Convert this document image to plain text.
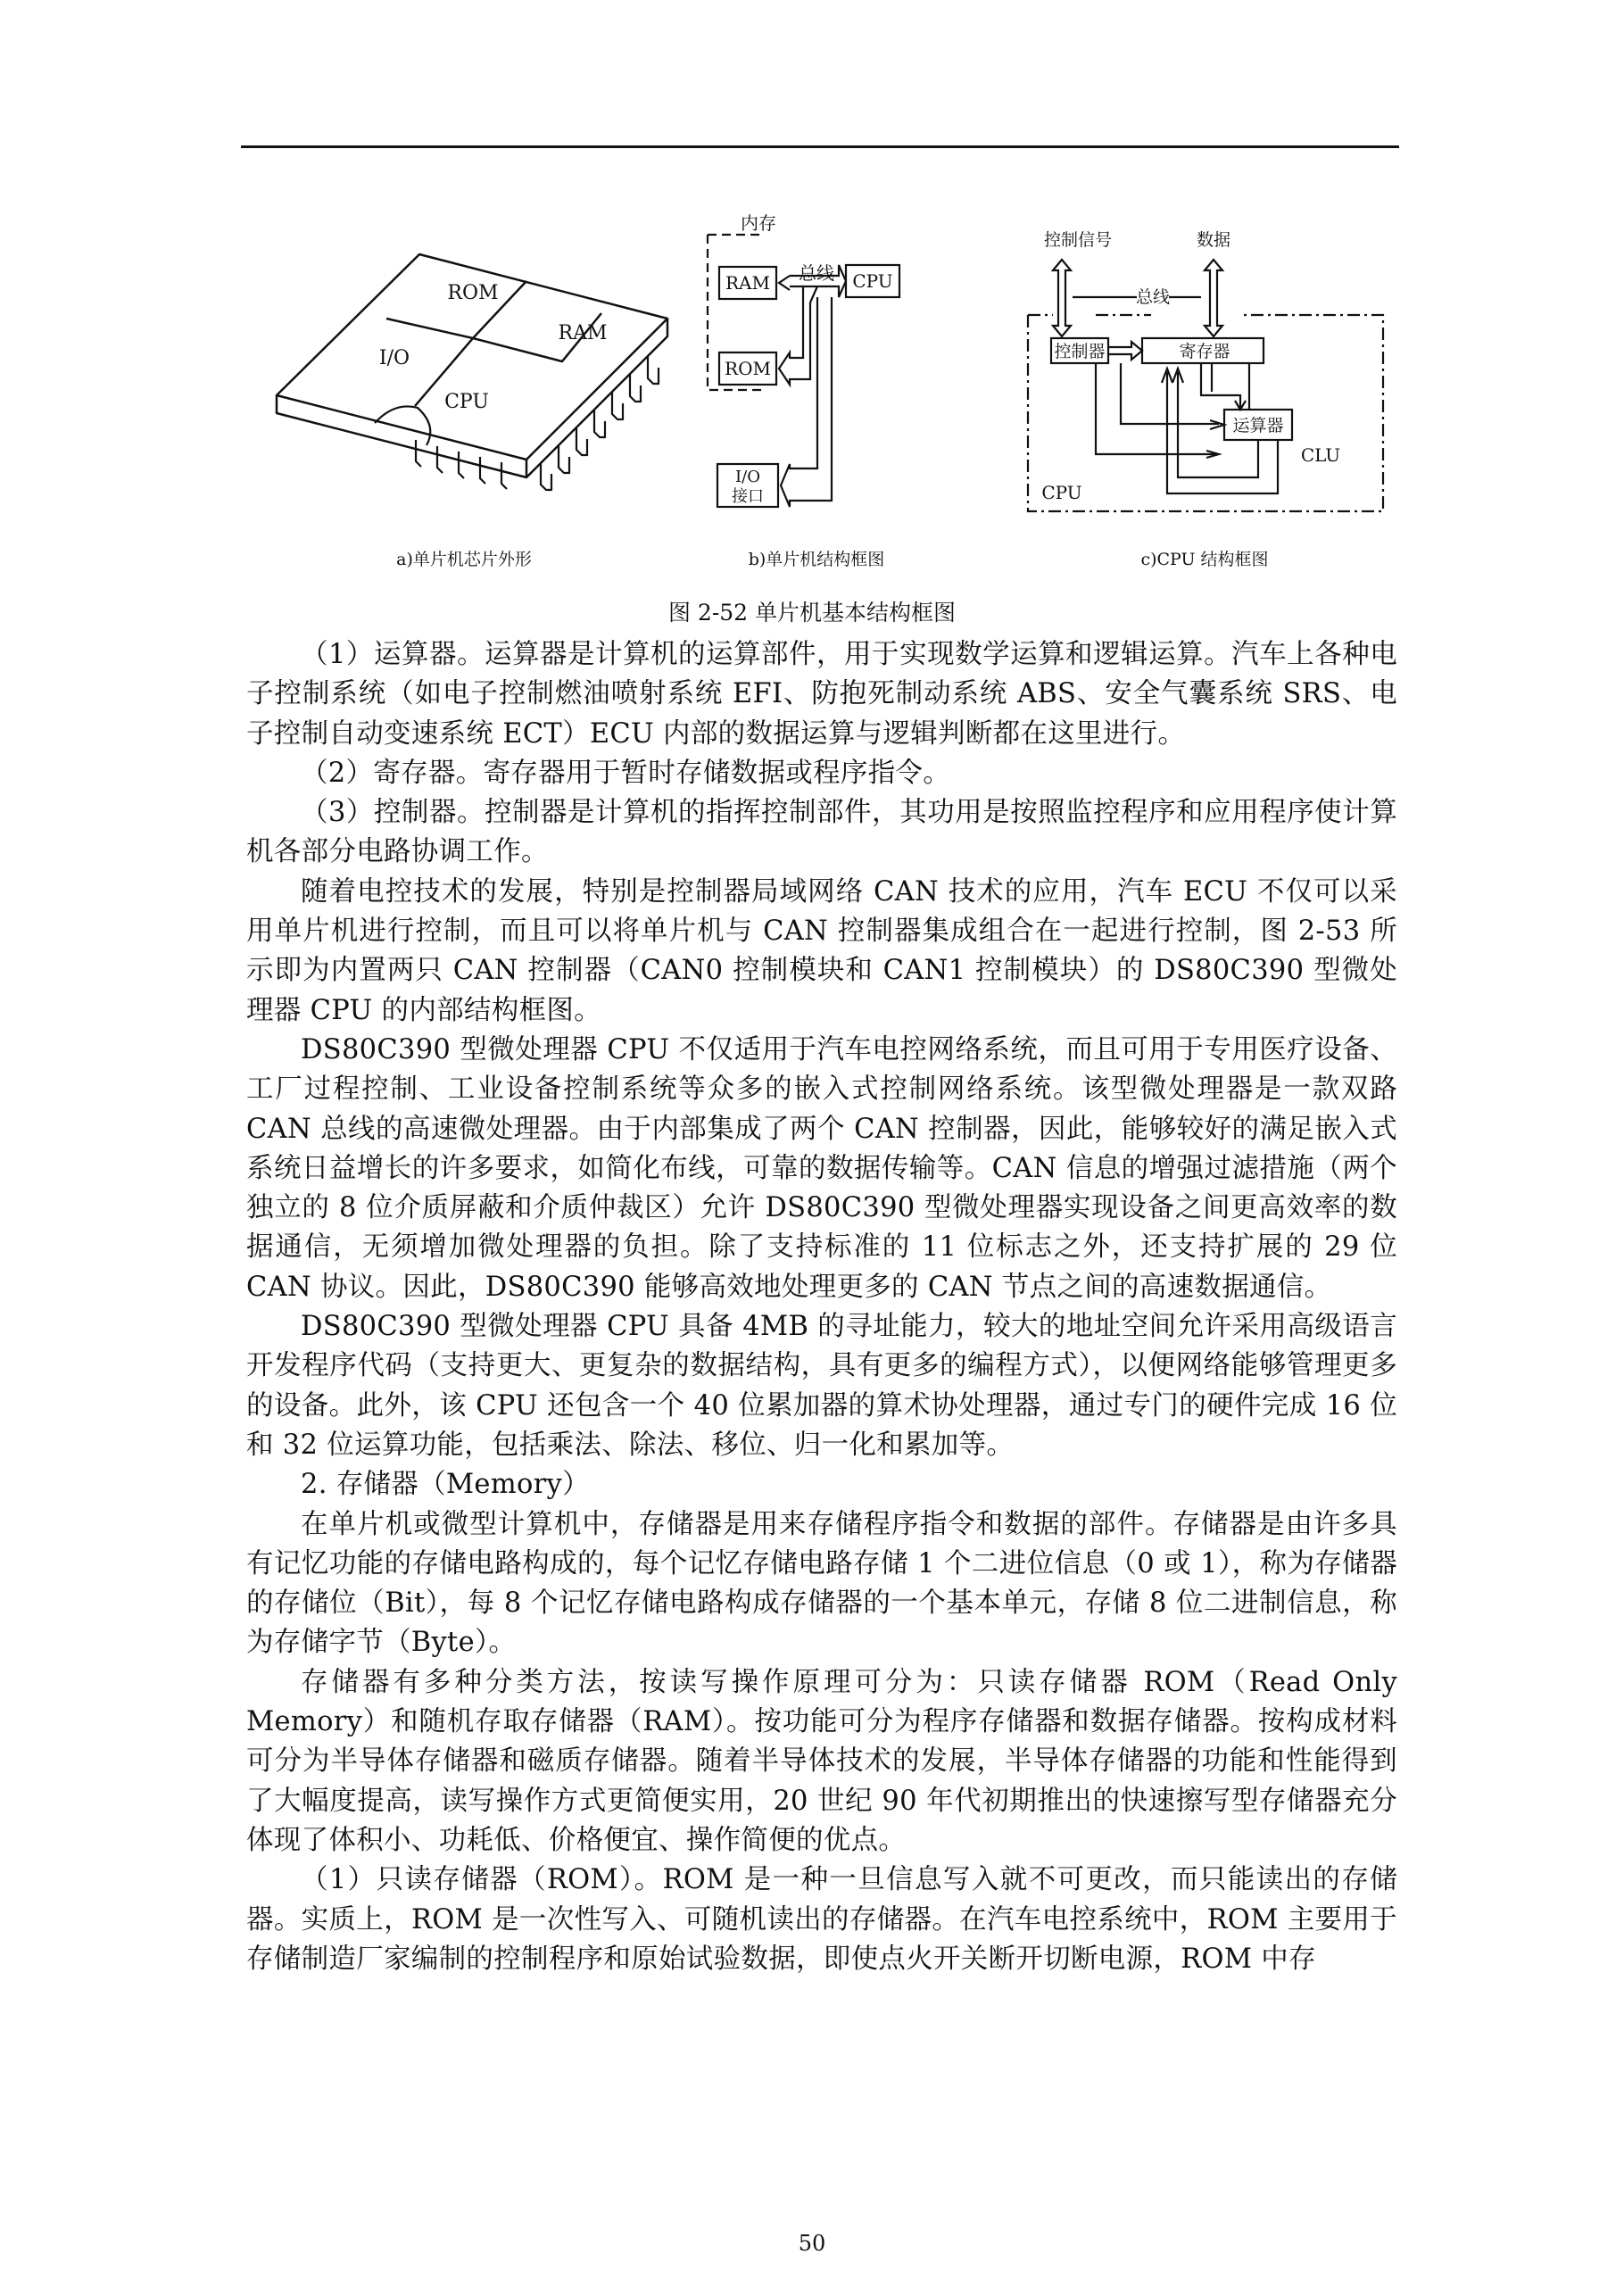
ROM
RAM
I/O
CPU
内存
RAM
ROM
总线 CPU
I/O
接口
控制信号	数据
总线
控制器	寄存器
运算器
CLU
CPU
a)单片机芯片外形	b)单片机结构框图	c)CPU 结构框图
图 2-52 单片机基本结构框图

（1）运算器。运算器是计算机的运算部件，用于实现数学运算和逻辑运算。汽车上各种电子控制系统（如电子控制燃油喷射系统 EFI、防抱死制动系统 ABS、安全气囊系统 SRS、电子控制自动变速系统 ECT）ECU 内部的数据运算与逻辑判断都在这里进行。

（2）寄存器。寄存器用于暂时存储数据或程序指令。

（3）控制器。控制器是计算机的指挥控制部件，其功用是按照监控程序和应用程序使计算机各部分电路协调工作。

随着电控技术的发展，特别是控制器局域网络 CAN 技术的应用，汽车 ECU 不仅可以采用单片机进行控制，而且可以将单片机与 CAN 控制器集成组合在一起进行控制，图 2-53 所示即为内置两只 CAN 控制器（CAN0 控制模块和 CAN1 控制模块）的 DS80C390 型微处理器 CPU 的内部结构框图。

DS80C390 型微处理器 CPU 不仅适用于汽车电控网络系统，而且可用于专用医疗设备、工厂过程控制、工业设备控制系统等众多的嵌入式控制网络系统。该型微处理器是一款双路 CAN 总线的高速微处理器。由于内部集成了两个 CAN 控制器，因此，能够较好的满足嵌入式系统日益增长的许多要求，如简化布线，可靠的数据传输等。CAN 信息的增强过滤措施（两个独立的 8 位介质屏蔽和介质仲裁区）允许 DS80C390 型微处理器实现设备之间更高效率的数据通信，无须增加微处理器的负担。除了支持标准的 11 位标志之外，还支持扩展的 29 位 CAN 协议。因此，DS80C390 能够高效地处理更多的 CAN 节点之间的高速数据通信。

DS80C390 型微处理器 CPU 具备 4MB 的寻址能力，较大的地址空间允许采用高级语言开发程序代码（支持更大、更复杂的数据结构，具有更多的编程方式），以便网络能够管理更多的设备。此外，该 CPU 还包含一个 40 位累加器的算术协处理器，通过专门的硬件完成 16 位和 32 位运算功能，包括乘法、除法、移位、归一化和累加等。

2. 存储器（Memory）

在单片机或微型计算机中，存储器是用来存储程序指令和数据的部件。存储器是由许多具有记忆功能的存储电路构成的，每个记忆存储电路存储 1 个二进位信息（0 或 1），称为存储器的存储位（Bit），每 8 个记忆存储电路构成存储器的一个基本单元，存储 8 位二进制信息，称为存储字节（Byte）。

存储器有多种分类方法，按读写操作原理可分为：只读存储器 ROM（Read Only Memory）和随机存取存储器（RAM）。按功能可分为程序存储器和数据存储器。按构成材料可分为半导体存储器和磁质存储器。随着半导体技术的发展，半导体存储器的功能和性能得到了大幅度提高，读写操作方式更简便实用，20 世纪 90 年代初期推出的快速擦写型存储器充分体现了体积小、功耗低、价格便宜、操作简便的优点。

（1）只读存储器（ROM）。ROM 是一种一旦信息写入就不可更改，而只能读出的存储器。实质上，ROM 是一次性写入、可随机读出的存储器。在汽车电控系统中，ROM 主要用于存储制造厂家编制的控制程序和原始试验数据，即使点火开关断开切断电源，ROM 中存

50
